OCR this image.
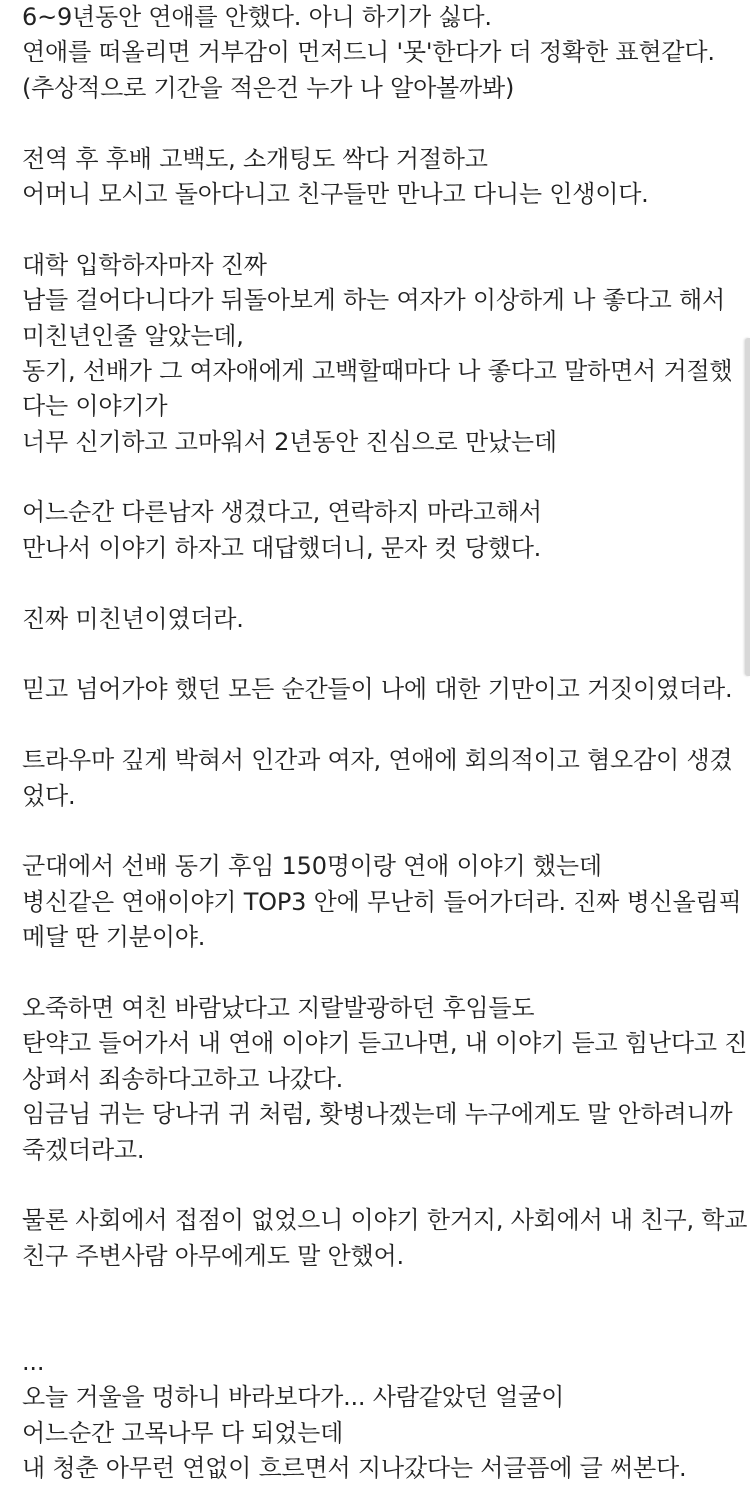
6~9년동안 연애를 안했다. 아니 하기가 싫다.
연애를 떠올리면 거부감이 먼저드니 '못'한다가 더 정확한 표현같다.
(추상적으로 기간을 적은건 누가 나 알아볼까봐)
전역 후 후배 고백도, 소개팅도 싹다 거절하고
어머니 모시고 돌아다니고 친구들만 만나고 다니는 인생이다.
대학 입학하자마자 진짜
남들 걸어다니다가 뒤돌아보게 하는 여자가 이상하게 나 좋다고 해서
미친년인줄 알았는데,
동기, 선배가 그 여자애에게 고백할때마다 나 좋다고 말하면서 거절했
다는 이야기가
너무 신기하고 고마워서 2년동안 진심으로 만났는데
어느순간 다른남자 생겼다고, 연락하지 마라고해서
만나서 이야기 하자고 대답했더니, 문자 컷 당했다.
진짜 미친년이였더라.
믿고 넘어가야 했던 모든 순간들이 나에 대한 기만이고 거짓이였더라.
트라우마 깊게 박혀서 인간과 여자, 연애에 회의적이고 혐오감이 생겼
었다.
군대에서 선배 동기 후임 150명이랑 연애 이야기 했는데
병신같은 연애이야기 TOP3 안에 무난히 들어가더라. 진짜 병신올림픽
메달 딴 기분이야.
오죽하면 여친 바람났다고 지랄발광하던 후임들도
탄약고 들어가서 내 연애 이야기 듣고나면, 내 이야기 듣고 힘난다고 진
상펴서 죄송하다고하고 나갔다.
임금님 귀는 당나귀 귀 처럼, 홧병나겠는데 누구에게도 말 안하려니까
죽겠더라고.
물론 사회에서 접점이 없었으니 이야기 한거지, 사회에서 내 친구, 학교
친구 주변사람 아무에게도 말 안했어.
...
오늘 거울을 멍하니 바라보다가... 사람같았던 얼굴이
어느순간 고목나무 다 되었는데
내 청춘 아무런 연없이 흐르면서 지나갔다는 서글픔에 글 써본다.
